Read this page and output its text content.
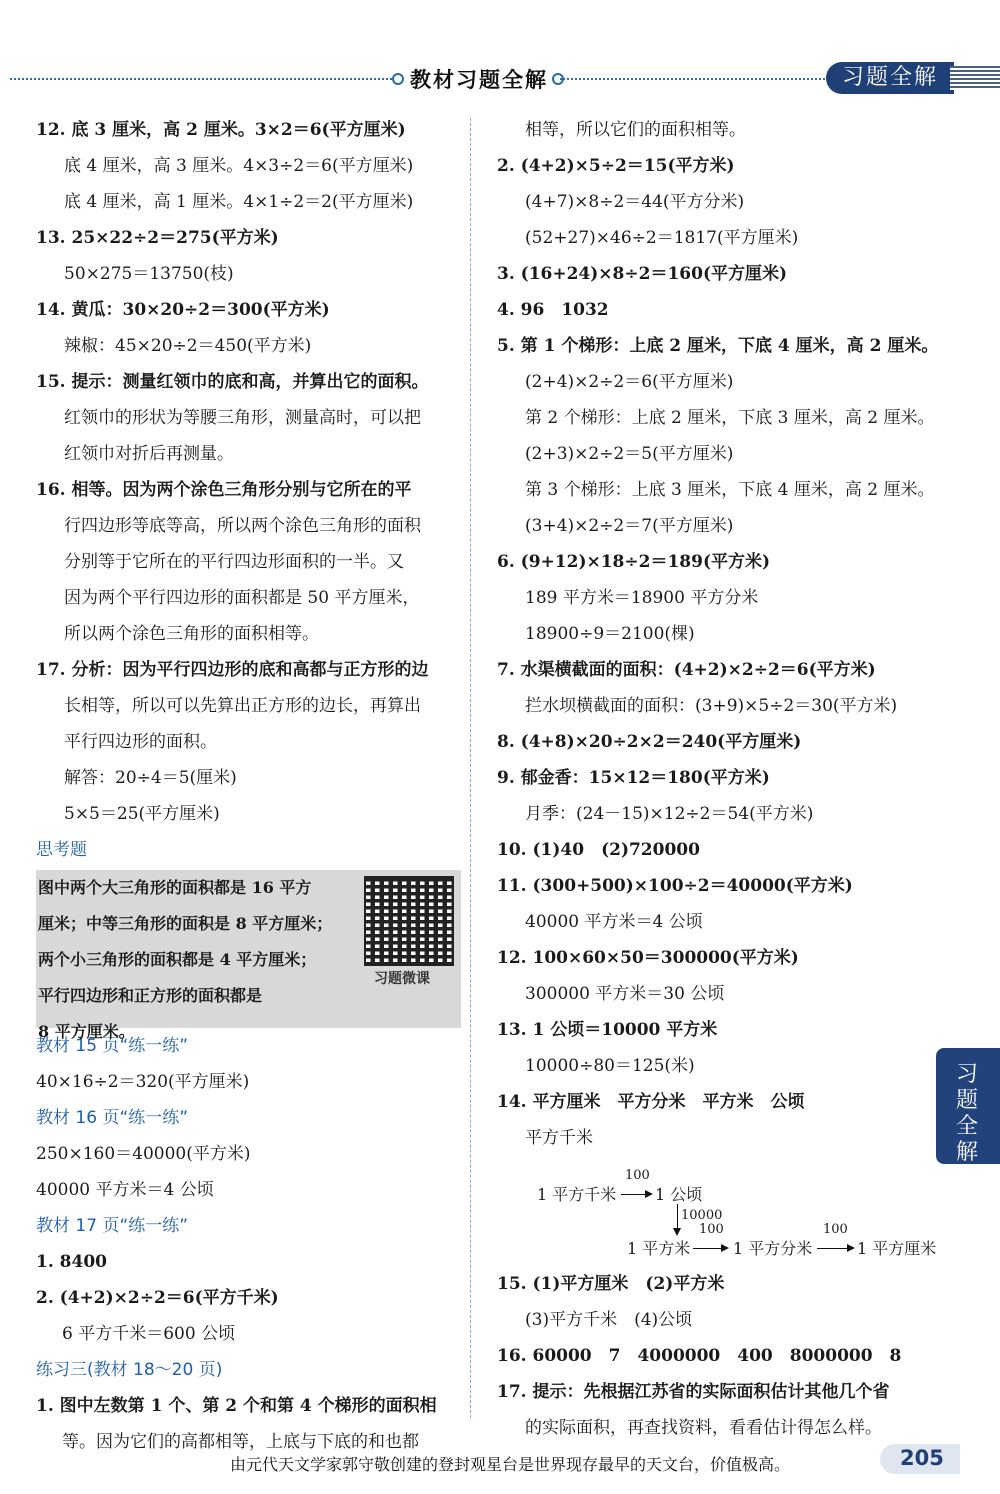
教材习题全解	习题全解
12. 底 3 厘米，高 2 厘米。3×2＝6(平方厘米)
底 4 厘米，高 3 厘米。4×3÷2＝6(平方厘米)
底 4 厘米，高 1 厘米。4×1÷2＝2(平方厘米)
13. 25×22÷2＝275(平方米)
50×275＝13750(枝)
14. 黄瓜：30×20÷2＝300(平方米)
辣椒：45×20÷2＝450(平方米)
15. 提示：测量红领巾的底和高，并算出它的面积。
红领巾的形状为等腰三角形，测量高时，可以把
红领巾对折后再测量。
16. 相等。因为两个涂色三角形分别与它所在的平
行四边形等底等高，所以两个涂色三角形的面积
分别等于它所在的平行四边形面积的一半。又
因为两个平行四边形的面积都是 50 平方厘米，
所以两个涂色三角形的面积相等。
17. 分析：因为平行四边形的底和高都与正方形的边
长相等，所以可以先算出正方形的边长，再算出
平行四边形的面积。
解答：20÷4＝5(厘米)
5×5＝25(平方厘米)
思考题
图中两个大三角形的面积都是 16 平方
厘米；中等三角形的面积是 8 平方厘米；
两个小三角形的面积都是 4 平方厘米；
平行四边形和正方形的面积都是
8 平方厘米。
习题微课
教材 15 页“练一练”
40×16÷2＝320(平方厘米)
教材 16 页“练一练”
250×160＝40000(平方米)
40000 平方米＝4 公顷
教材 17 页“练一练”
1. 8400
2. (4+2)×2÷2＝6(平方千米)
6 平方千米＝600 公顷
练习三(教材 18～20 页)
1. 图中左数第 1 个、第 2 个和第 4 个梯形的面积相
等。因为它们的高都相等，上底与下底的和也都
相等，所以它们的面积相等。
2. (4+2)×5÷2＝15(平方米)
(4+7)×8÷2＝44(平方分米)
(52+27)×46÷2＝1817(平方厘米)
3. (16+24)×8÷2＝160(平方厘米)
4. 96　1032
5. 第 1 个梯形：上底 2 厘米，下底 4 厘米，高 2 厘米。
(2+4)×2÷2＝6(平方厘米)
第 2 个梯形：上底 2 厘米，下底 3 厘米，高 2 厘米。
(2+3)×2÷2＝5(平方厘米)
第 3 个梯形：上底 3 厘米，下底 4 厘米，高 2 厘米。
(3+4)×2÷2＝7(平方厘米)
6. (9+12)×18÷2＝189(平方米)
189 平方米＝18900 平方分米
18900÷9＝2100(棵)
7. 水渠横截面的面积：(4+2)×2÷2＝6(平方米)
拦水坝横截面的面积：(3+9)×5÷2＝30(平方米)
8. (4+8)×20÷2×2＝240(平方厘米)
9. 郁金香：15×12＝180(平方米)
月季：(24－15)×12÷2＝54(平方米)
10. (1)40　(2)720000
11. (300+500)×100÷2＝40000(平方米)
40000 平方米＝4 公顷
12. 100×60×50＝300000(平方米)
300000 平方米＝30 公顷
13. 1 公顷＝10000 平方米
10000÷80＝125(米)
14. 平方厘米　平方分米　平方米　公顷
平方千米
1 平方千米
100
1 公顷
10000
1 平方米
100
1 平方分米
100
1 平方厘米
15. (1)平方厘米　(2)平方米
(3)平方千米　(4)公顷
16. 60000　7　4000000　400　8000000　8
17. 提示：先根据江苏省的实际面积估计其他几个省
的实际面积，再查找资料，看看估计得怎么样。
习题全解
由元代天文学家郭守敬创建的登封观星台是世界现存最早的天文台，价值极高。	205
